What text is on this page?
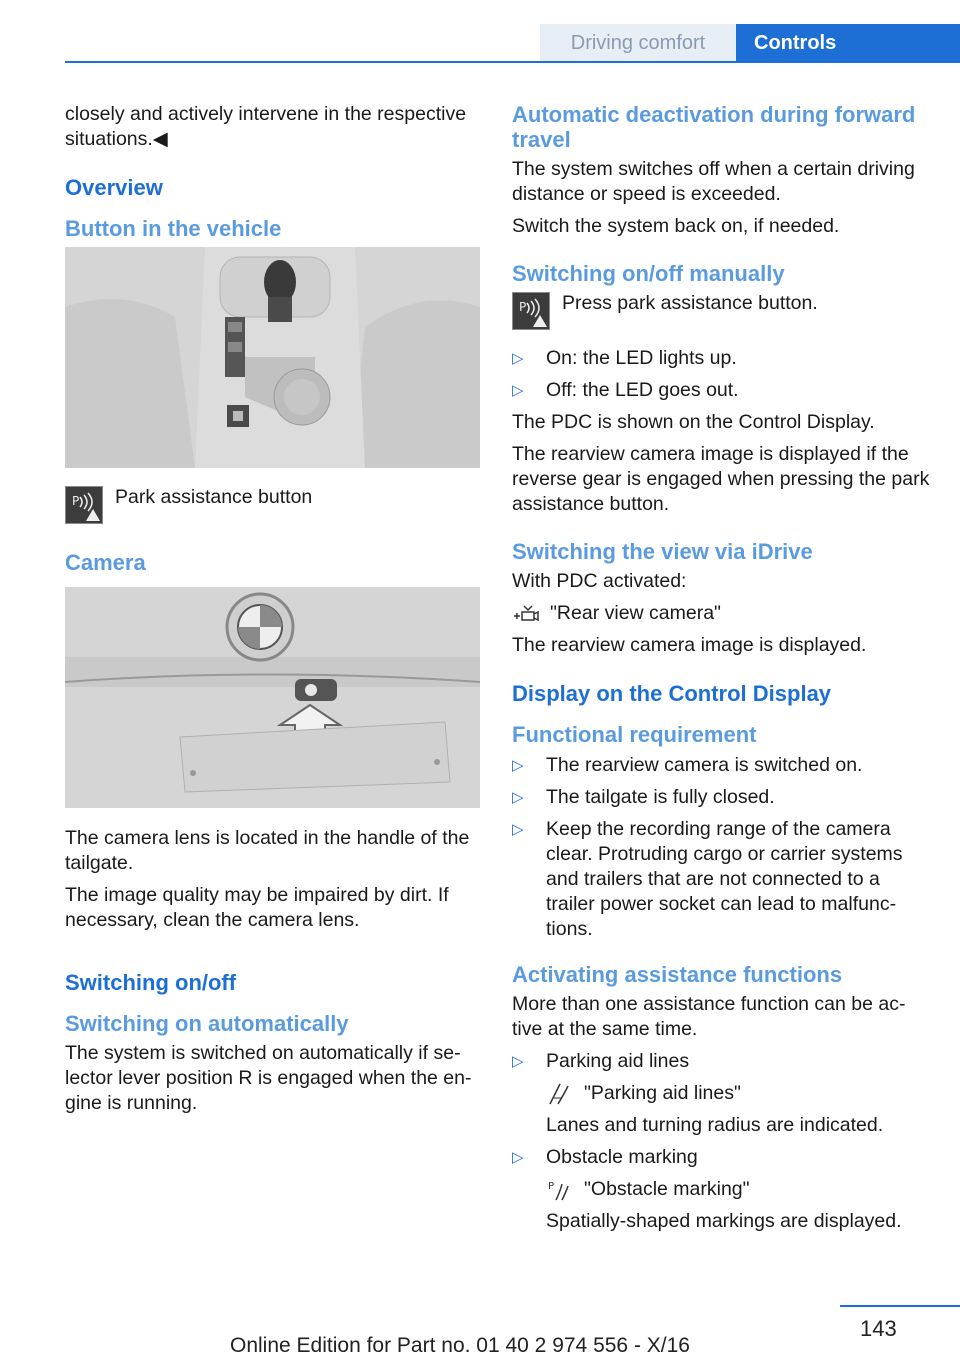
Driving comfort	Controls

closely and actively intervene in the respective situations.◀

Overview
Button in the vehicle
P Park assistance button
Camera

The camera lens is located in the handle of the tailgate.

The image quality may be impaired by dirt. If necessary, clean the camera lens.

Switching on/off
Switching on automatically

The system is switched on automatically if se- lector lever position R is engaged when the en- gine is running.

Automatic deactivation during forward travel

The system switches off when a certain driving distance or speed is exceeded.

Switch the system back on, if needed.

Switching on/off manually
P Press park assistance button.
▷ On: the LED lights up.
▷ Off: the LED goes out.

The PDC is shown on the Control Display.

The rearview camera image is displayed if the reverse gear is engaged when pressing the park assistance button.

Switching the view via iDrive

With PDC activated:

"Rear view camera"

The rearview camera image is displayed.

Display on the Control Display
Functional requirement
▷ The rearview camera is switched on.
▷ The tailgate is fully closed.
▷ Keep the recording range of the camera clear. Protruding cargo or carrier systems and trailers that are not connected to a trailer power socket can lead to malfunc- tions.
Activating assistance functions

More than one assistance function can be ac- tive at the same time.

▷ Parking aid lines
"Parking aid lines"
Lanes and turning radius are indicated.
▷ Obstacle marking
P "Obstacle marking"
Spatially-shaped markings are displayed.
143
Online Edition for Part no. 01 40 2 974 556 - X/16
